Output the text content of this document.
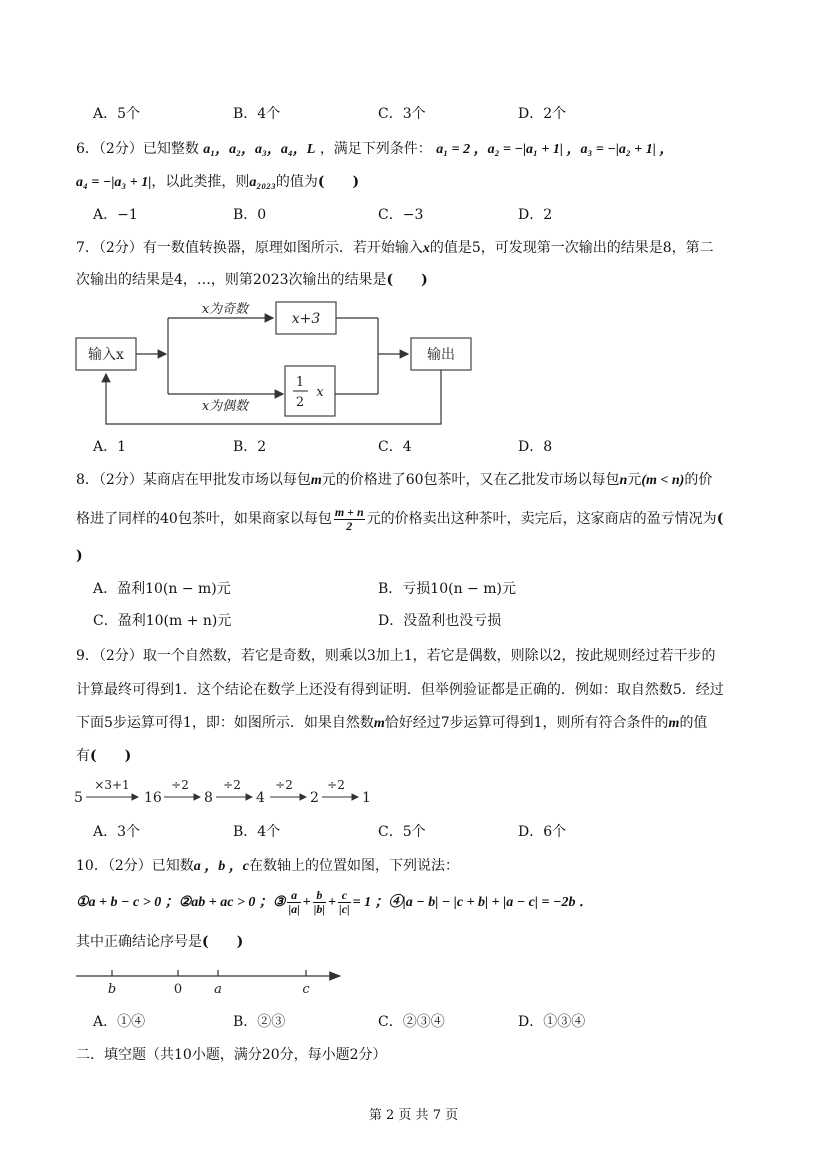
A．5个	B．4个	C．3个	D．2个
6．（2分）已知整数 a₁，a₂，a₃，a₄，L ，满足下列条件： a₁ = 2 ，a₂ = −|a₁ + 1| ，a₃ = −|a₂ + 1| ，
a₄ = −|a₃ + 1|，以此类推，则a₂₀₂₃的值为(　　)
A．−1	B．0	C．−3	D．2
7．（2分）有一数值转换器，原理如图所示．若开始输入x的值是5，可发现第一次输出的结果是8，第二
次输出的结果是4，…，则第2023次输出的结果是(　　)
输入x
x为奇数
x+3
x为偶数
1
2
x
输出
A．1	B．2	C．4	D．8
8．（2分）某商店在甲批发市场以每包m元的价格进了60包茶叶，又在乙批发市场以每包n元(m < n)的价
格进了同样的40包茶叶，如果商家以每包 $\frac{m + n}{2}$ 元的价格卖出这种茶叶，卖完后，这家商店的盈亏情况为(
)
A．盈利10(n − m)元	B．亏损10(n − m)元
C．盈利10(m + n)元	D．没盈利也没亏损
9．（2分）取一个自然数，若它是奇数，则乘以3加上1，若它是偶数，则除以2，按此规则经过若干步的
计算最终可得到1．这个结论在数学上还没有得到证明．但举例验证都是正确的．例如：取自然数5．经过
下面5步运算可得1，即：如图所示．如果自然数m恰好经过7步运算可得到1，则所有符合条件的m的值
有(　　)
5
×3+1
16
÷2
8
÷2
4
÷2
2
÷2
1
A．3个	B．4个	C．5个	D．6个
10．（2分）已知数a ，b ，c在数轴上的位置如图，下列说法：
①a + b − c > 0 ；②ab + ac > 0 ；③ $\frac{a}{|a|} + \frac{b}{|b|} + \frac{c}{|c|} = 1$ ；④|a − b| − |c + b| + |a − c| = −2b ．
其中正确结论序号是(　　)
b	0 a	c
A．①④	B．②③	C．②③④	D．①③④
二．填空题（共10小题，满分20分，每小题2分）
第 2 页 共 7 页
